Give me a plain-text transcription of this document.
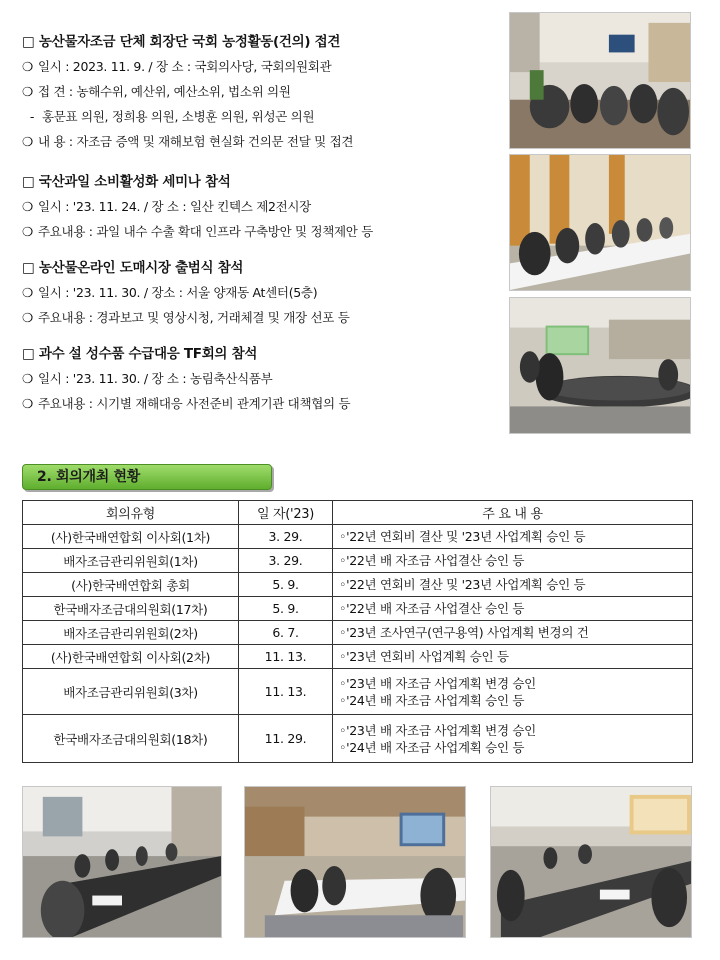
□ 농산물자조금 단체 회장단 국회 농정활동(건의) 접견
❍ 일시 : 2023. 11. 9. / 장 소 : 국회의사당, 국회의원회관
❍ 접 견 : 농해수위, 예산위, 예산소위, 법소위 의원
- 홍문표 의원, 정희용 의원, 소병훈 의원, 위성곤 의원
❍ 내 용 : 자조금 증액 및 재해보험 현실화 건의문 전달 및 접견
□ 국산과일 소비활성화 세미나 참석
❍ 일시 : '23. 11. 24. / 장 소 : 일산 킨텍스 제2전시장
❍ 주요내용 : 과일 내수 수출 확대 인프라 구축방안 및 정책제안 등
□ 농산물온라인 도매시장 출범식 참석
❍ 일시 : '23. 11. 30. / 장소 : 서울 양재동 At센터(5층)
❍ 주요내용 : 경과보고 및 영상시청, 거래체결 및 개장 선포 등
□ 과수 설 성수품 수급대응 TF회의 참석
❍ 일시 : '23. 11. 30. / 장 소 : 농림축산식품부
❍ 주요내용 : 시기별 재해대응 사전준비 관계기관 대책협의 등
2. 회의개최 현황
회의유형	일 자('23)	주 요 내 용
(사)한국배연합회 이사회(1차)	3. 29.	◦'22년 연회비 결산 및 '23년 사업계획 승인 등
배자조금관리위원회(1차)	3. 29.	◦'22년 배 자조금 사업결산 승인 등
(사)한국배연합회 총회	5. 9.	◦'22년 연회비 결산 및 '23년 사업계획 승인 등
한국배자조금대의원회(17차)	5. 9.	◦'22년 배 자조금 사업결산 승인 등
배자조금관리위원회(2차)	6. 7.	◦'23년 조사연구(연구용역) 사업계획 변경의 건
(사)한국배연합회 이사회(2차)	11. 13.	◦'23년 연회비 사업계획 승인 등
배자조금관리위원회(3차)	11. 13.	◦'23년 배 자조금 사업계획 변경 승인
◦'24년 배 자조금 사업계획 승인 등

한국배자조금대의원회(18차)	11. 29.	◦'23년 배 자조금 사업계획 변경 승인
◦'24년 배 자조금 사업계획 승인 등
